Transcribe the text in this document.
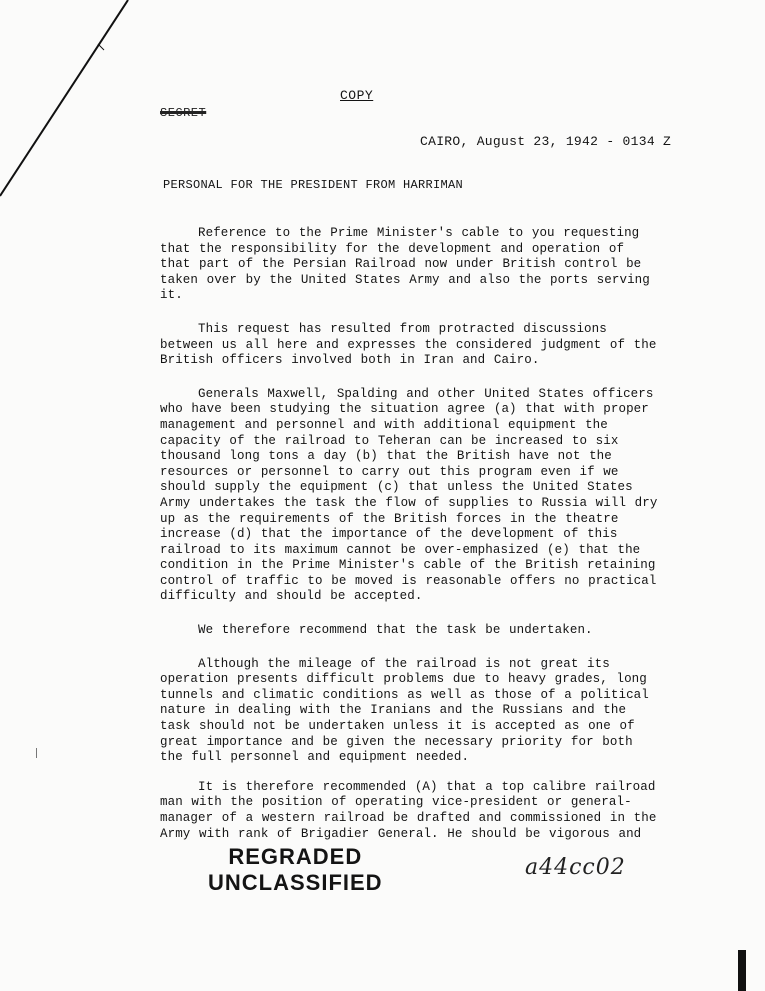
COPY
SECRET
CAIRO, August 23, 1942 - 0134 Z
PERSONAL FOR THE PRESIDENT FROM HARRIMAN

Reference to the Prime Minister's cable to you requesting that the responsibility for the development and operation of that part of the Persian Railroad now under British control be taken over by the United States Army and also the ports serving it.

This request has resulted from protracted discussions between us all here and expresses the considered judgment of the British officers involved both in Iran and Cairo.

Generals Maxwell, Spalding and other United States officers who have been studying the situation agree (a) that with proper management and personnel and with additional equipment the capacity of the railroad to Teheran can be increased to six thousand long tons a day (b) that the British have not the resources or personnel to carry out this program even if we should supply the equipment (c) that unless the United States Army undertakes the task the flow of supplies to Russia will dry up as the requirements of the British forces in the theatre increase (d) that the importance of the development of this railroad to its maximum cannot be over-emphasized (e) that the condition in the Prime Minister's cable of the British retaining control of traffic to be moved is reasonable offers no practical difficulty and should be accepted.

We therefore recommend that the task be undertaken.

Although the mileage of the railroad is not great its operation presents difficult problems due to heavy grades, long tunnels and climatic conditions as well as those of a political nature in dealing with the Iranians and the Russians and the task should not be undertaken unless it is accepted as one of great importance and be given the necessary priority for both the full personnel and equipment needed.

It is therefore recommended (A) that a top calibre railroad man with the position of operating vice-president or general-manager of a western railroad be drafted and commissioned in the Army with rank of Brigadier General. He should be vigorous and

REGRADED
UNCLASSIFIED
a44cc02
